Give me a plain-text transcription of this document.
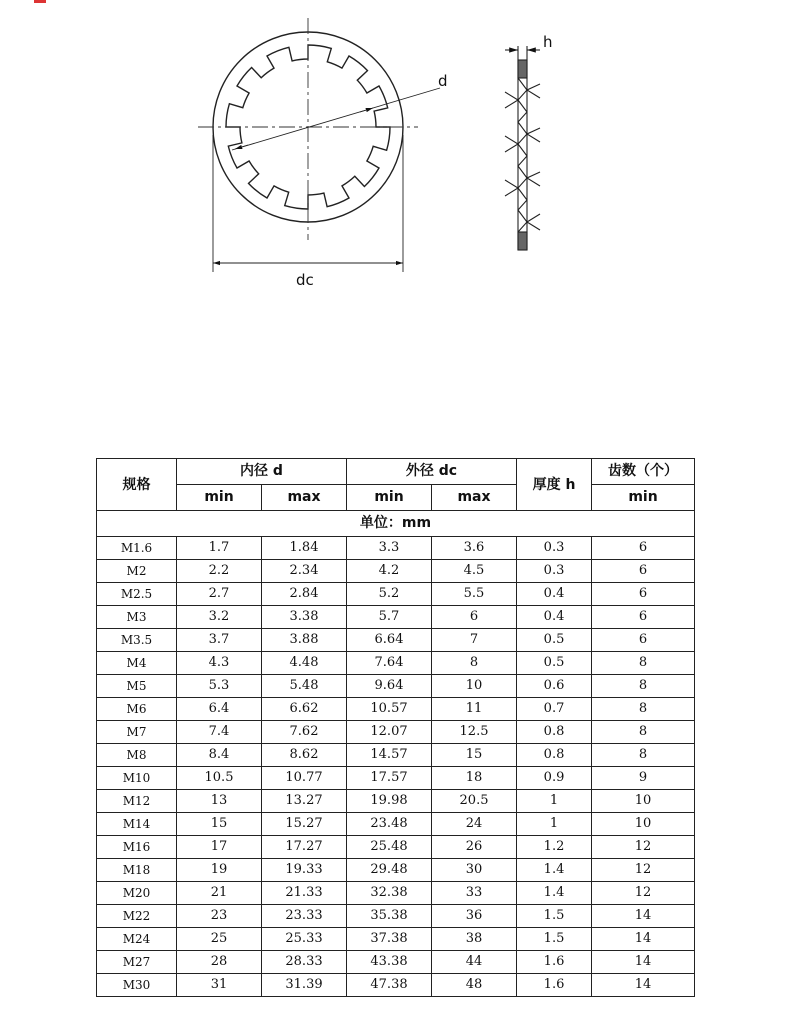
d
dc
h
规格	内径 d		外径 dc		厚度 h	齿数（个）
	min	max	min	max		min
单位：mm						
M1.6	1.7	1.84	3.3	3.6	0.3	6
M2	2.2	2.34	4.2	4.5	0.3	6
M2.5	2.7	2.84	5.2	5.5	0.4	6
M3	3.2	3.38	5.7	6	0.4	6
M3.5	3.7	3.88	6.64	7	0.5	6
M4	4.3	4.48	7.64	8	0.5	8
M5	5.3	5.48	9.64	10	0.6	8
M6	6.4	6.62	10.57	11	0.7	8
M7	7.4	7.62	12.07	12.5	0.8	8
M8	8.4	8.62	14.57	15	0.8	8
M10	10.5	10.77	17.57	18	0.9	9
M12	13	13.27	19.98	20.5	1	10
M14	15	15.27	23.48	24	1	10
M16	17	17.27	25.48	26	1.2	12
M18	19	19.33	29.48	30	1.4	12
M20	21	21.33	32.38	33	1.4	12
M22	23	23.33	35.38	36	1.5	14
M24	25	25.33	37.38	38	1.5	14
M27	28	28.33	43.38	44	1.6	14
M30	31	31.39	47.38	48	1.6	14
